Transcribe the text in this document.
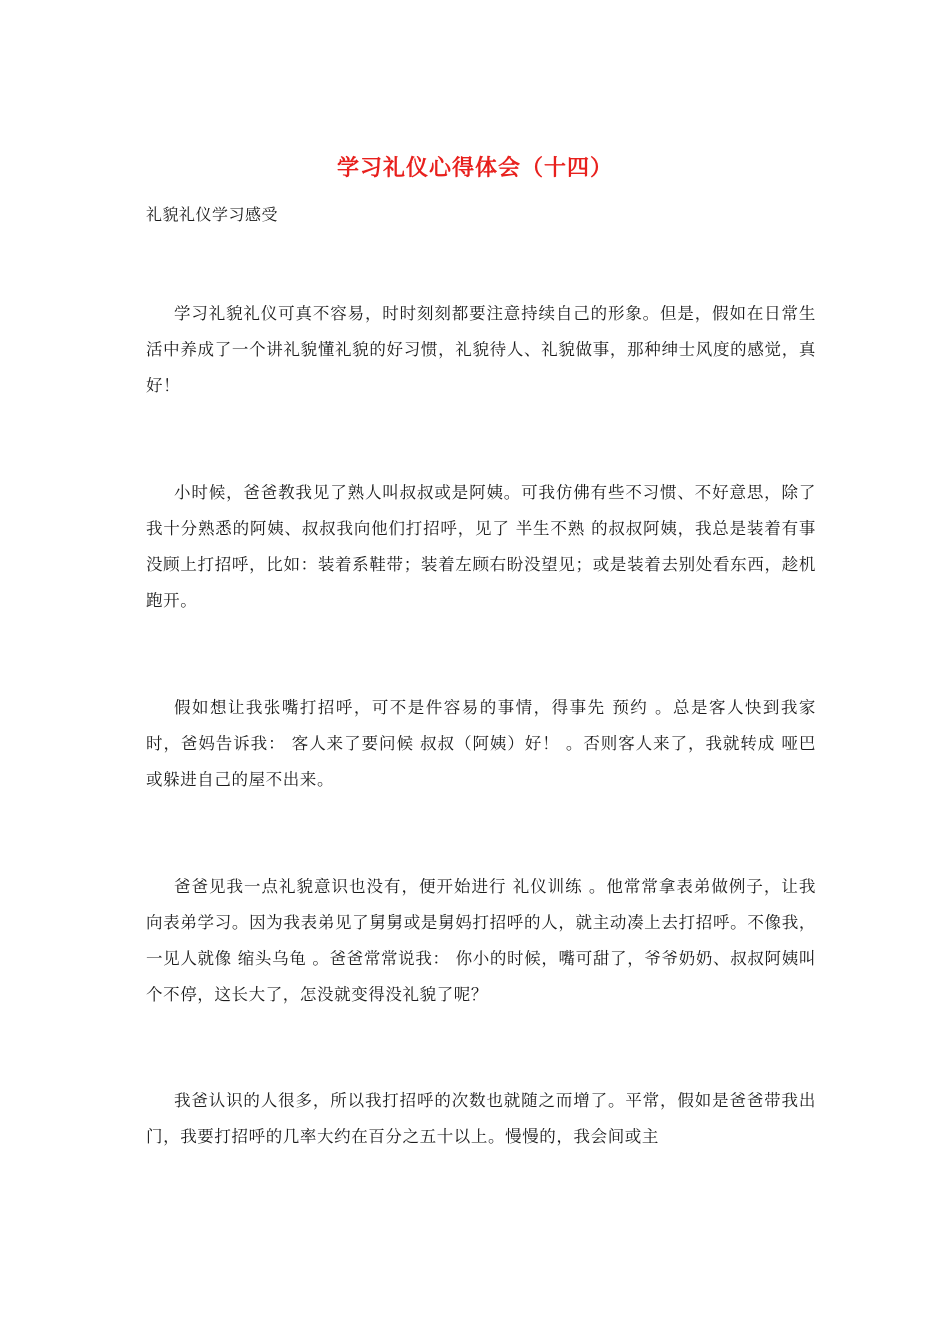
学习礼仪心得体会（十四）
礼貌礼仪学习感受
学习礼貌礼仪可真不容易，时时刻刻都要注意持续自己的形象。但是，假如在日常生活中养成了一个讲礼貌懂礼貌的好习惯，礼貌待人、礼貌做事，那种绅士风度的感觉，真好！
小时候，爸爸教我见了熟人叫叔叔或是阿姨。可我仿佛有些不习惯、不好意思，除了我十分熟悉的阿姨、叔叔我向他们打招呼，见了 半生不熟 的叔叔阿姨，我总是装着有事没顾上打招呼，比如：装着系鞋带；装着左顾右盼没望见；或是装着去别处看东西，趁机跑开。
假如想让我张嘴打招呼，可不是件容易的事情，得事先 预约 。总是客人快到我家时，爸妈告诉我： 客人来了要问候 叔叔（阿姨）好！ 。否则客人来了，我就转成 哑巴 或躲进自己的屋不出来。
爸爸见我一点礼貌意识也没有，便开始进行 礼仪训练 。他常常拿表弟做例子，让我向表弟学习。因为我表弟见了舅舅或是舅妈打招呼的人，就主动凑上去打招呼。不像我，一见人就像 缩头乌龟 。爸爸常常说我： 你小的时候，嘴可甜了，爷爷奶奶、叔叔阿姨叫个不停，这长大了，怎没就变得没礼貌了呢？
我爸认识的人很多，所以我打招呼的次数也就随之而增了。平常，假如是爸爸带我出门，我要打招呼的几率大约在百分之五十以上。慢慢的，我会间或主
